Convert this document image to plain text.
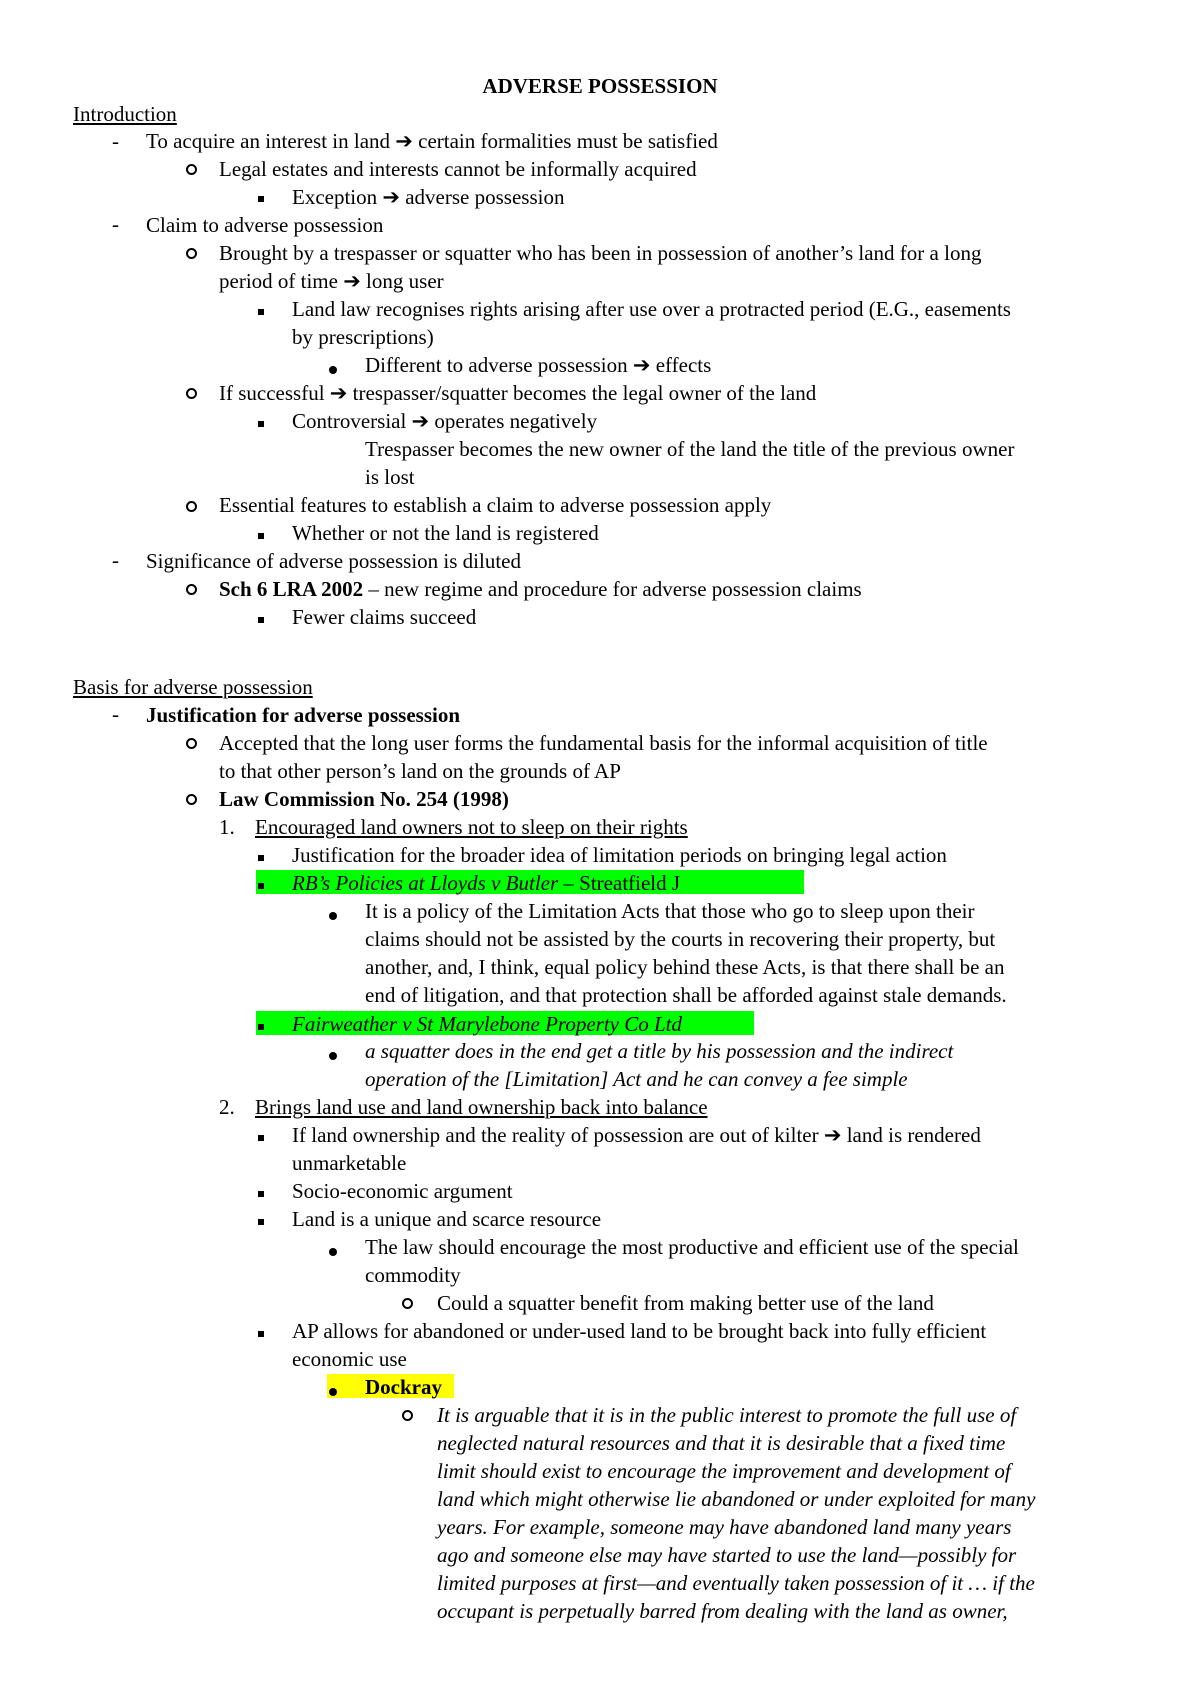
ADVERSE POSSESSION
Introduction
- To acquire an interest in land ➔ certain formalities must be satisfied
Legal estates and interests cannot be informally acquired
Exception ➔ adverse possession
- Claim to adverse possession
Brought by a trespasser or squatter who has been in possession of another’s land for a long
period of time ➔ long user
Land law recognises rights arising after use over a protracted period (E.G., easements
by prescriptions)
Different to adverse possession ➔ effects
If successful ➔ trespasser/squatter becomes the legal owner of the land
Controversial ➔ operates negatively
Trespasser becomes the new owner of the land the title of the previous owner
is lost
Essential features to establish a claim to adverse possession apply
Whether or not the land is registered
- Significance of adverse possession is diluted
Sch 6 LRA 2002 – new regime and procedure for adverse possession claims
Fewer claims succeed
Basis for adverse possession
- Justification for adverse possession
Accepted that the long user forms the fundamental basis for the informal acquisition of title
to that other person’s land on the grounds of AP
Law Commission No. 254 (1998)
1. Encouraged land owners not to sleep on their rights
Justification for the broader idea of limitation periods on bringing legal action
RB’s Policies at Lloyds v Butler – Streatfield J
It is a policy of the Limitation Acts that those who go to sleep upon their
claims should not be assisted by the courts in recovering their property, but
another, and, I think, equal policy behind these Acts, is that there shall be an
end of litigation, and that protection shall be afforded against stale demands.
Fairweather v St Marylebone Property Co Ltd
a squatter does in the end get a title by his possession and the indirect
operation of the [Limitation] Act and he can convey a fee simple
2. Brings land use and land ownership back into balance
If land ownership and the reality of possession are out of kilter ➔ land is rendered
unmarketable
Socio-economic argument
Land is a unique and scarce resource
The law should encourage the most productive and efficient use of the special
commodity
Could a squatter benefit from making better use of the land
AP allows for abandoned or under-used land to be brought back into fully efficient
economic use
Dockray
It is arguable that it is in the public interest to promote the full use of
neglected natural resources and that it is desirable that a fixed time
limit should exist to encourage the improvement and development of
land which might otherwise lie abandoned or under exploited for many
years. For example, someone may have abandoned land many years
ago and someone else may have started to use the land—possibly for
limited purposes at first—and eventually taken possession of it … if the
occupant is perpetually barred from dealing with the land as owner,
